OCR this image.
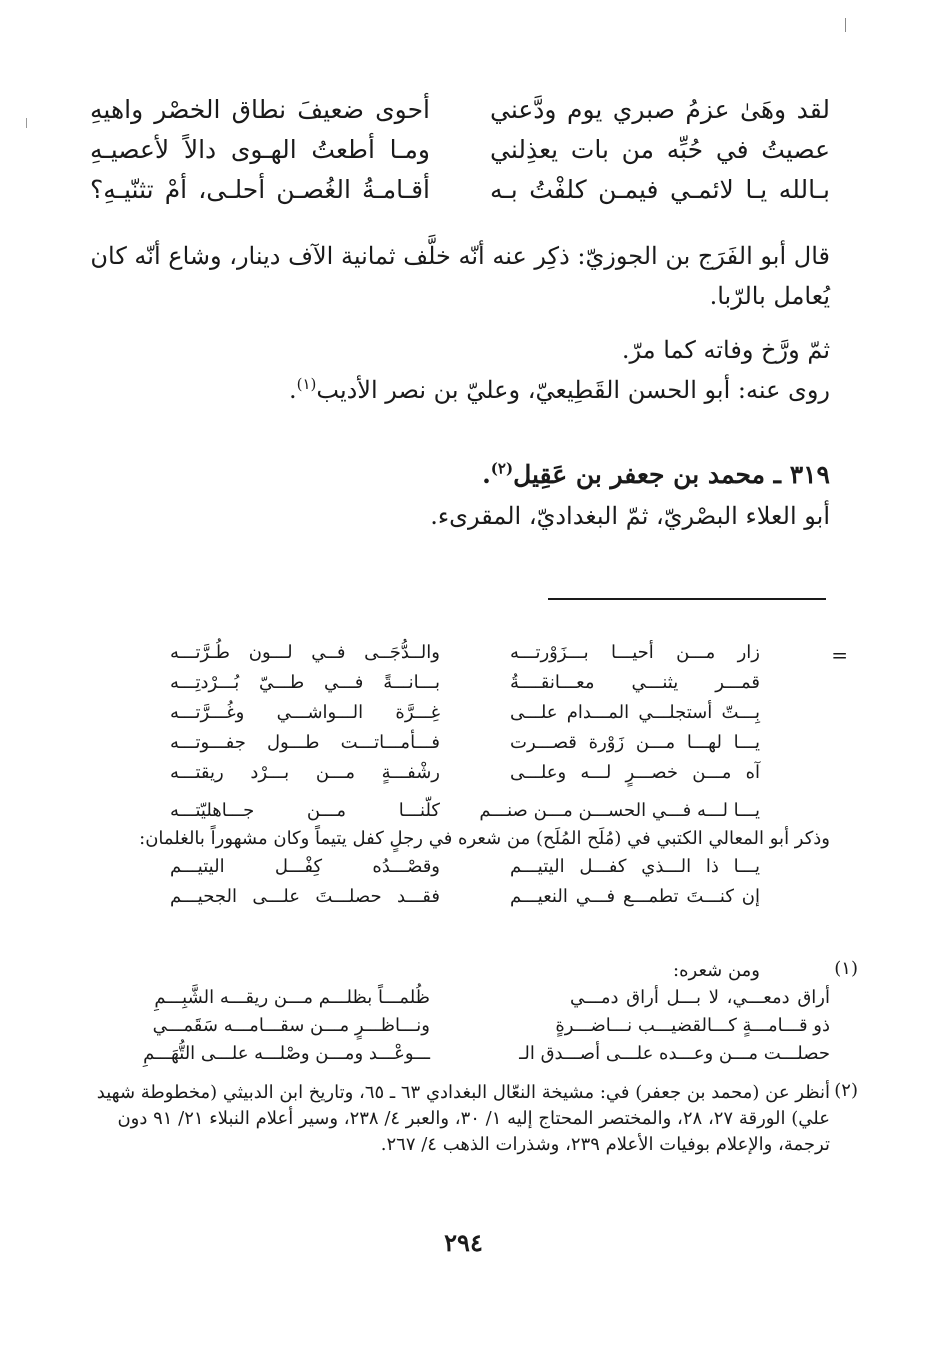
لقد وهَىٰ عزمُ صبري يوم ودَّعني
أحوى ضعيفَ نطاق الخصْر واهيهِ
عصيتُ في حُبِّه من بات يعذِلني
ومـا أطعتُ الهـوى دالاً لأعصيـهِ
بـالله يـا لائمـي فيمـن كلفْتُ بـه
أقـامـةُ الغُصـن أحلـى، أمْ تثنّيـهِ؟

قال أبو الفَرَج بن الجوزيّ: ذكِر عنه أنّه خلَّف ثمانية الآف دينار، وشاع أنّه كان يُعامل بالرّبا.

ثمّ ورَّخ وفاته كما مرّ.

روى عنه: أبو الحسن القَطِيعيّ، وعليّ بن نصر الأديب$^{(١)}$.

٣١٩ ـ محمد بن جعفر بن عَقِيل$^{(٢)}$.
أبو العلاء البصْريّ، ثمّ البغداديّ، المقرىء.
=
زار مـــن أحيـــا بـــزَوْرتـــه
والــدُّجَــى فــي لـــون طُـرَّتـــه
قمـــر يثنـــي معـــانقــــةُ
بـــانـــةً فـــي طـــيّ بُـــرْدتِـــه
بِـــتّ أستجلـــي المـــدام علـــى
غِـــرَّة الـــواشـــي وغُـــرَّتـــه
يـــا لهـــا مـــن زَوْرة قصـــرت
فـــأمـــاتـــت طـــول جفـــوتـــه
آه مـــن خصـــرٍ لـــه وعلـــى
رشْفـــةٍ مـــن بـــرْد ريقتـــه
يـــا لـــه فـــي الحســـن مـــن صنـــم
كلّنـــا مـــن جـــاهليّتـــه

وذكر أبو المعالي الكتبي في (مُلَح المُلَح) من شعره في رجلٍ كفل يتيماً وكان مشهوراً بالغلمان:

يـــا ذا الـــذي كفـــل اليتيـــم
وقصْـــدُه كِفْـــل اليتيـــم
إن كنـــتَ تطمـــع فـــي النعيـــم
فقـــد حصلـــتَ علـــى الجحيـــم
(١)
ومن شعره:
أراق دمعـــي، لا بـــل أراق دمـــي
ظُلمـــاً بظلـــم مـــن ريقـــه الشَّبِـــمِ
ذو قـــامـــةٍ كـــالقضيـــب نـــاضـــرةٍ
ونـــاظـــرٍ مـــن سقـــامـــه سَقَمـــي
حصلـــت مـــن وعـــده علـــى أصـــدق الـ
ـــوعْـــد ومـــن وصْلـــه علـــى التُّهَـــمِ
(٢)

أنظر عن (محمد بن جعفر) في: مشيخة النعّال البغدادي ٦٣ ـ ٦٥، وتاريخ ابن الدبيثي (مخطوطة شهيد علي) الورقة ٢٧، ٢٨، والمختصر المحتاج إليه ١/ ٣٠، والعبر ٤/ ٢٣٨، وسير أعلام النبلاء ٢١/ ٩١ دون ترجمة، والإعلام بوفيات الأعلام ٢٣٩، وشذرات الذهب ٤/ ٢٦٧.

٢٩٤
